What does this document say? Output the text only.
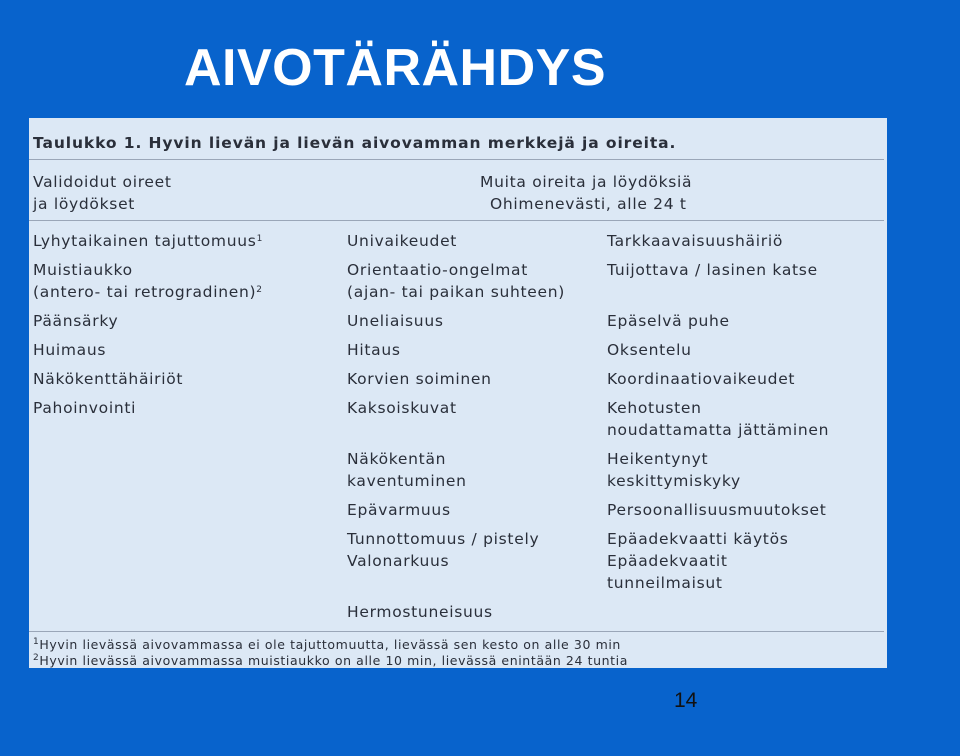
AIVOTÄRÄHDYS
Taulukko 1. Hyvin lievän ja lievän aivovamman merkkejä ja oireita.
Validoidut oireet
ja löydökset
Muita oireita ja löydöksiä
Ohimenevästi, alle 24 t
Lyhytaikainen tajuttomuus$^1$
Muistiaukko
(antero- tai retrogradinen)$^2$
Päänsärky
Huimaus
Näkökenttähäiriöt
Pahoinvointi
Univaikeudet
Orientaatio-ongelmat
(ajan- tai paikan suhteen)
Uneliaisuus
Hitaus
Korvien soiminen
Kaksoiskuvat
Näkökentän
kaventuminen
Epävarmuus
Tunnottomuus / pistely
Valonarkuus
Hermostuneisuus
Tarkkaavaisuushäiriö
Tuijottava / lasinen katse
Epäselvä puhe
Oksentelu
Koordinaatiovaikeudet
Kehotusten
noudattamatta jättäminen
Heikentynyt
keskittymiskyky
Persoonallisuusmuutokset
Epäadekvaatti käytös
Epäadekvaatit
tunneilmaisut
$^1$Hyvin lievässä aivovammassa ei ole tajuttomuutta, lievässä sen kesto on alle 30 min
$^2$Hyvin lievässä aivovammassa muistiaukko on alle 10 min, lievässä enintään 24 tuntia
14
